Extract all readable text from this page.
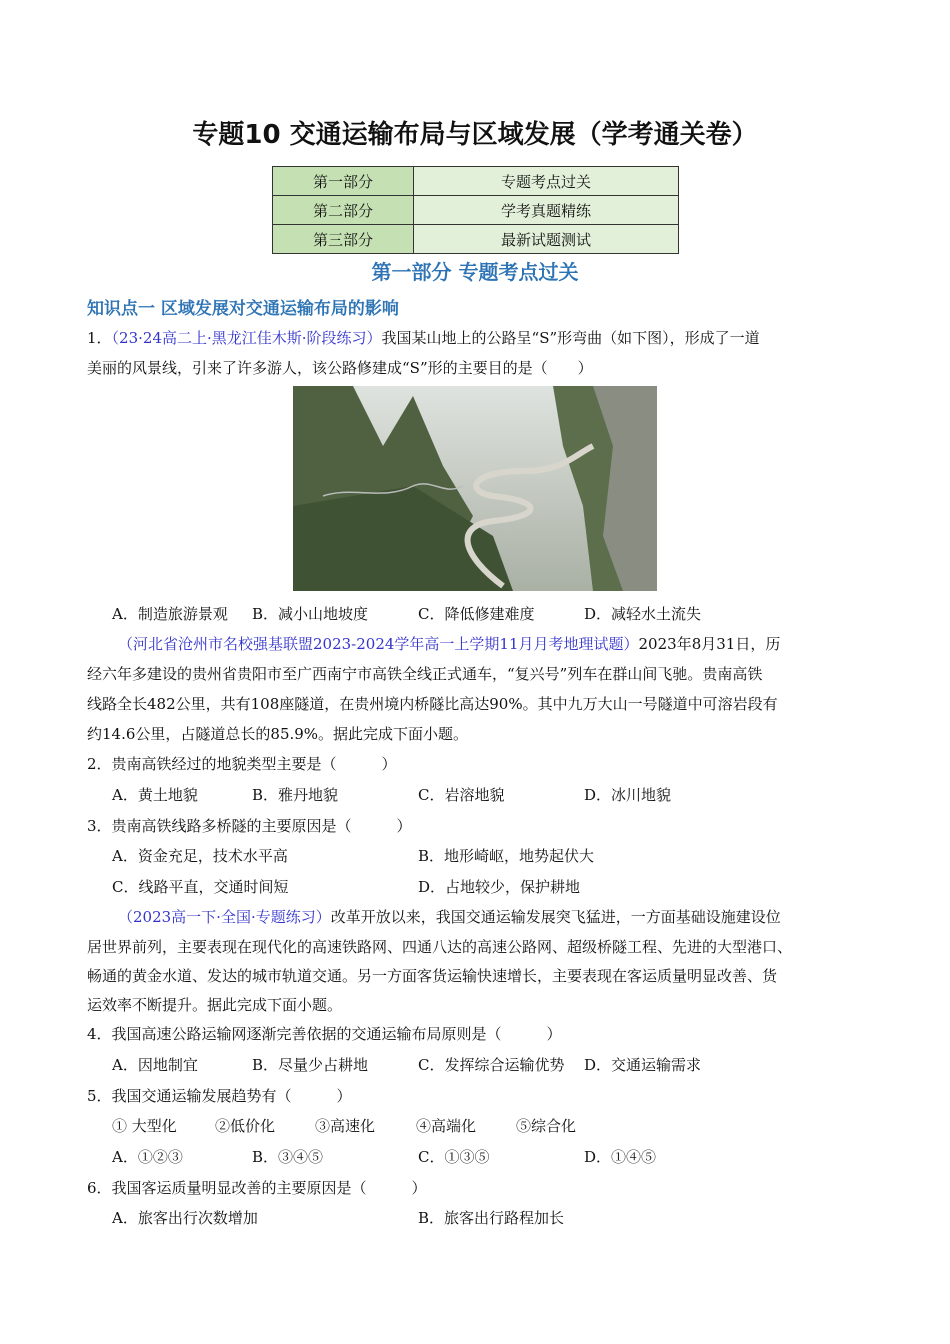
专题10 交通运输布局与区域发展（学考通关卷）
第一部分	专题考点过关
第二部分	学考真题精练
第三部分	最新试题测试
第一部分 专题考点过关
知识点一 区域发展对交通运输布局的影响
1．（23·24高二上·黑龙江佳木斯·阶段练习）我国某山地上的公路呈“S”形弯曲（如下图），形成了一道
美丽的风景线，引来了许多游人，该公路修建成“S”形的主要目的是（　　）
A．制造旅游景观 B．减小山地坡度	C．降低修建难度	D．减轻水土流失
（河北省沧州市名校强基联盟2023-2024学年高一上学期11月月考地理试题）2023年8月31日，历
经六年多建设的贵州省贵阳市至广西南宁市高铁全线正式通车，“复兴号”列车在群山间飞驰。贵南高铁
线路全长482公里，共有108座隧道，在贵州境内桥隧比高达90%。其中九万大山一号隧道中可溶岩段有
约14.6公里，占隧道总长的85.9%。据此完成下面小题。
2．贵南高铁经过的地貌类型主要是（　　　）
A．黄土地貌	B．雅丹地貌	C．岩溶地貌	D．冰川地貌
3．贵南高铁线路多桥隧的主要原因是（　　　）
A．资金充足，技术水平高	B．地形崎岖，地势起伏大
C．线路平直，交通时间短	D．占地较少，保护耕地
（2023高一下·全国·专题练习）改革开放以来，我国交通运输发展突飞猛进，一方面基础设施建设位
居世界前列，主要表现在现代化的高速铁路网、四通八达的高速公路网、超级桥隧工程、先进的大型港口、
畅通的黄金水道、发达的城市轨道交通。另一方面客货运输快速增长，主要表现在客运质量明显改善、货
运效率不断提升。据此完成下面小题。
4．我国高速公路运输网逐渐完善依据的交通运输布局原则是（　　　）
A．因地制宜	B．尽量少占耕地	C．发挥综合运输优势 D．交通运输需求
5．我国交通运输发展趋势有（　　　）
① 大型化	②低价化	③高速化	④高端化	⑤综合化
A．①②③	B．③④⑤	C．①③⑤	D．①④⑤
6．我国客运质量明显改善的主要原因是（　　　）
A．旅客出行次数增加	B．旅客出行路程加长
